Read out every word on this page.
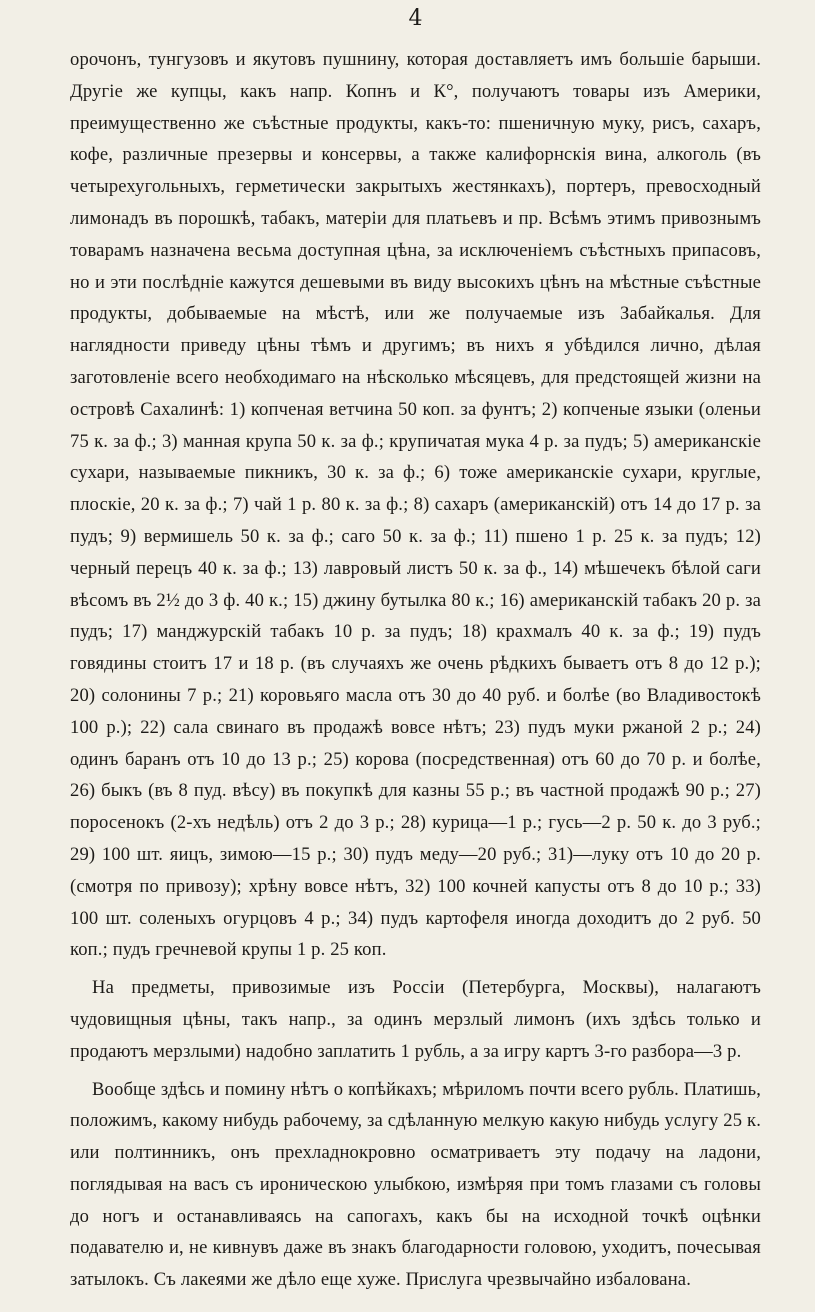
4

орочонъ, тунгузовъ и якутовъ пушнину, которая доставляетъ имъ большіе барыши. Другіе же купцы, какъ напр. Копнъ и К°, получаютъ товары изъ Америки, преимущественно же съѣстные продукты, какъ-то: пшеничную муку, рисъ, сахаръ, кофе, различные презервы и консервы, а также калифорнскія вина, алкоголь (въ четырехугольныхъ, герметически закрытыхъ жестянкахъ), портеръ, превосходный лимонадъ въ порошкѣ, табакъ, матеріи для платьевъ и пр. Всѣмъ этимъ привознымъ товарамъ назначена весьма доступная цѣна, за исключеніемъ съѣстныхъ припасовъ, но и эти послѣдніе кажутся дешевыми въ виду высокихъ цѣнъ на мѣстные съѣстные продукты, добываемые на мѣстѣ, или же получаемые изъ Забайкалья. Для наглядности приведу цѣны тѣмъ и другимъ; въ нихъ я убѣдился лично, дѣлая заготовленіе всего необходимаго на нѣсколько мѣсяцевъ, для предстоящей жизни на островѣ Сахалинѣ: 1) копченая ветчина 50 коп. за фунтъ; 2) копченые языки (оленьи 75 к. за ф.; 3) манная крупа 50 к. за ф.; крупичатая мука 4 р. за пудъ; 5) американскіе сухари, называемые пикникъ, 30 к. за ф.; 6) тоже американскіе сухари, круглые, плоскіе, 20 к. за ф.; 7) чай 1 р. 80 к. за ф.; 8) сахаръ (американскій) отъ 14 до 17 р. за пудъ; 9) вермишель 50 к. за ф.; саго 50 к. за ф.; 11) пшено 1 р. 25 к. за пудъ; 12) черный перецъ 40 к. за ф.; 13) лавровый листъ 50 к. за ф., 14) мѣшечекъ бѣлой саги вѣсомъ въ 2½ до 3 ф. 40 к.; 15) джину бутылка 80 к.; 16) американскій табакъ 20 р. за пудъ; 17) манджурскій табакъ 10 р. за пудъ; 18) крахмалъ 40 к. за ф.; 19) пудъ говядины стоитъ 17 и 18 р. (въ случаяхъ же очень рѣдкихъ бываетъ отъ 8 до 12 р.); 20) солонины 7 р.; 21) коровьяго масла отъ 30 до 40 руб. и болѣе (во Владивостокѣ 100 р.); 22) сала свинаго въ продажѣ вовсе нѣтъ; 23) пудъ муки ржаной 2 р.; 24) одинъ баранъ отъ 10 до 13 р.; 25) корова (посредственная) отъ 60 до 70 р. и болѣе, 26) быкъ (въ 8 пуд. вѣсу) въ покупкѣ для казны 55 р.; въ частной продажѣ 90 р.; 27) поросенокъ (2-хъ недѣль) отъ 2 до 3 р.; 28) курица—1 р.; гусь—2 р. 50 к. до 3 руб.; 29) 100 шт. яицъ, зимою—15 р.; 30) пудъ меду—20 руб.; 31)—луку отъ 10 до 20 р. (смотря по привозу); хрѣну вовсе нѣтъ, 32) 100 кочней капусты отъ 8 до 10 р.; 33) 100 шт. соленыхъ огурцовъ 4 р.; 34) пудъ картофеля иногда доходитъ до 2 руб. 50 коп.; пудъ гречневой крупы 1 р. 25 коп.

На предметы, привозимые изъ Россіи (Петербурга, Москвы), налагаютъ чудовищныя цѣны, такъ напр., за одинъ мерзлый лимонъ (ихъ здѣсь только и продаютъ мерзлыми) надобно заплатить 1 рубль, а за игру картъ 3-го разбора—3 р.

Вообще здѣсь и помину нѣтъ о копѣйкахъ; мѣриломъ почти всего рубль. Платишь, положимъ, какому нибудь рабочему, за сдѣланную мелкую какую нибудь услугу 25 к. или полтинникъ, онъ прехладнокровно осматриваетъ эту подачу на ладони, поглядывая на васъ съ ироническою улыбкою, измѣряя при томъ глазами съ головы до ногъ и останавливаясь на сапогахъ, какъ бы на исходной точкѣ оцѣнки подавателю и, не кивнувъ даже въ знакъ благодарности головою, уходитъ, почесывая затылокъ. Съ лакеями же дѣло еще хуже. Прислуга чрезвычайно избалована.
